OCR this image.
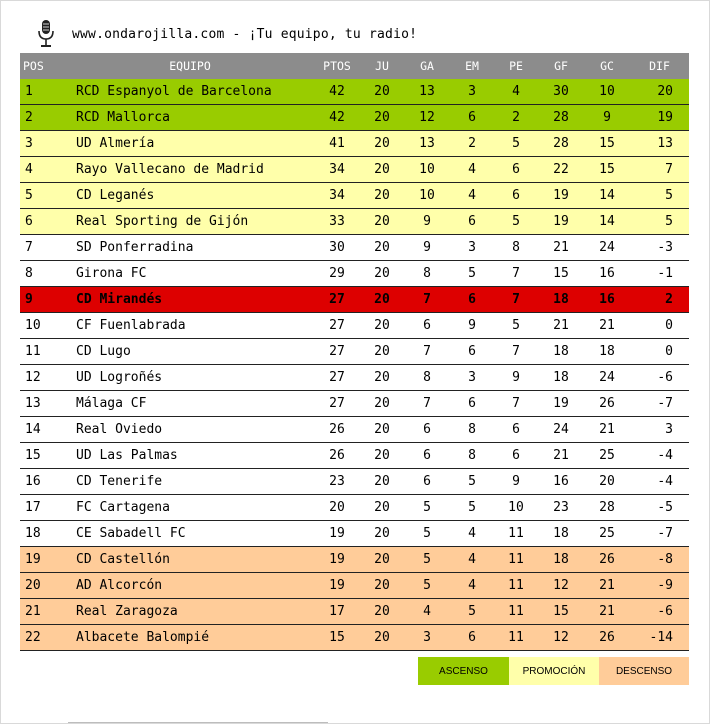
www.ondarojilla.com - ¡Tu equipo, tu radio!
POS	EQUIPO	PTOS	JU	GA	EM	PE	GF	GC	DIF
1	RCD Espanyol de Barcelona	42	20	13	3	4	30	10	20
2	RCD Mallorca	42	20	12	6	2	28	9	19
3	UD Almería	41	20	13	2	5	28	15	13
4	Rayo Vallecano de Madrid	34	20	10	4	6	22	15	7
5	CD Leganés	34	20	10	4	6	19	14	5
6	Real Sporting de Gijón	33	20	9	6	5	19	14	5
7	SD Ponferradina	30	20	9	3	8	21	24	-3
8	Girona FC	29	20	8	5	7	15	16	-1
9	CD Mirandés	27	20	7	6	7	18	16	2
10	CF Fuenlabrada	27	20	6	9	5	21	21	0
11	CD Lugo	27	20	7	6	7	18	18	0
12	UD Logroñés	27	20	8	3	9	18	24	-6
13	Málaga CF	27	20	7	6	7	19	26	-7
14	Real Oviedo	26	20	6	8	6	24	21	3
15	UD Las Palmas	26	20	6	8	6	21	25	-4
16	CD Tenerife	23	20	6	5	9	16	20	-4
17	FC Cartagena	20	20	5	5	10	23	28	-5
18	CE Sabadell FC	19	20	5	4	11	18	25	-7
19	CD Castellón	19	20	5	4	11	18	26	-8
20	AD Alcorcón	19	20	5	4	11	12	21	-9
21	Real Zaragoza	17	20	4	5	11	15	21	-6
22	Albacete Balompié	15	20	3	6	11	12	26	-14
ASCENSO	PROMOCIÓN	DESCENSO
